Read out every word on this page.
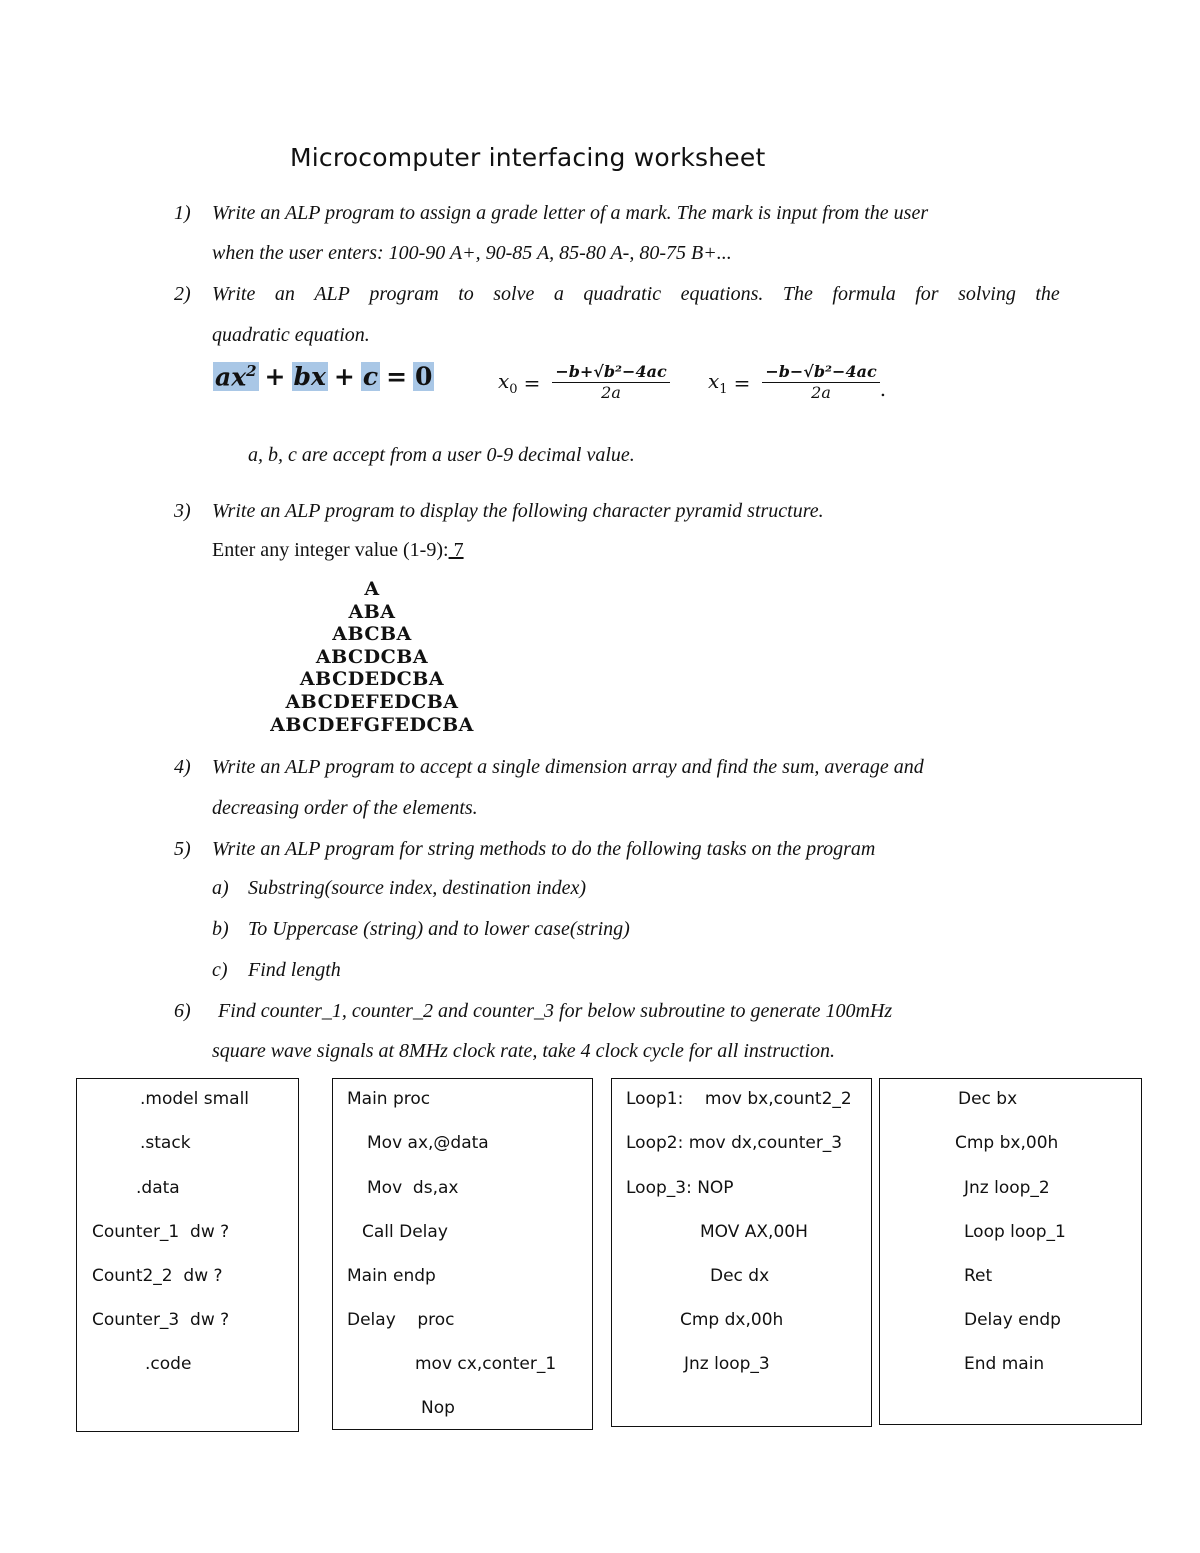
Microcomputer interfacing worksheet
1) Write an ALP program to assign a grade letter of a mark. The mark is input from the user
when the user enters: 100-90 A+, 90-85 A, 85-80 A-, 80-75 B+...
2) Write an ALP program to solve a quadratic equations. The formula for solving the
quadratic equation.
$ax^2$ + bx + c = 0	$x_0 = \frac{\text{−b+√b²−4ac}}{2a} x_1 = \frac{\text{−b−√b²−4ac}}{2a}$ .
a, b, c are accept from a user 0-9 decimal value.
3) Write an ALP program to display the following character pyramid structure.
Enter any integer value (1-9): 7
A
ABA
ABCBA
ABCDCBA
ABCDEDCBA
ABCDEFEDCBA
ABCDEFGFEDCBA
4) Write an ALP program to accept a single dimension array and find the sum, average and
decreasing order of the elements.
5) Write an ALP program for string methods to do the following tasks on the program
a) Substring(source index, destination index)
b) To Uppercase (string) and to lower case(string)
c) Find length
6) Find counter_1, counter_2 and counter_3 for below subroutine to generate 100mHz
square wave signals at 8MHz clock rate, take 4 clock cycle for all instruction.
.model small
.stack
.data
Counter_1  dw ?
Count2_2  dw ?
Counter_3  dw ?
.code
Main proc
Mov ax,@data
Mov  ds,ax
Call Delay
Main endp
Delay    proc
mov cx,conter_1
Nop
Loop1:    mov bx,count2_2
Loop2: mov dx,counter_3
Loop_3: NOP
MOV AX,00H
Dec dx
Cmp dx,00h
Jnz loop_3
Dec bx
Cmp bx,00h
Jnz loop_2
Loop loop_1
Ret
Delay endp
End main
